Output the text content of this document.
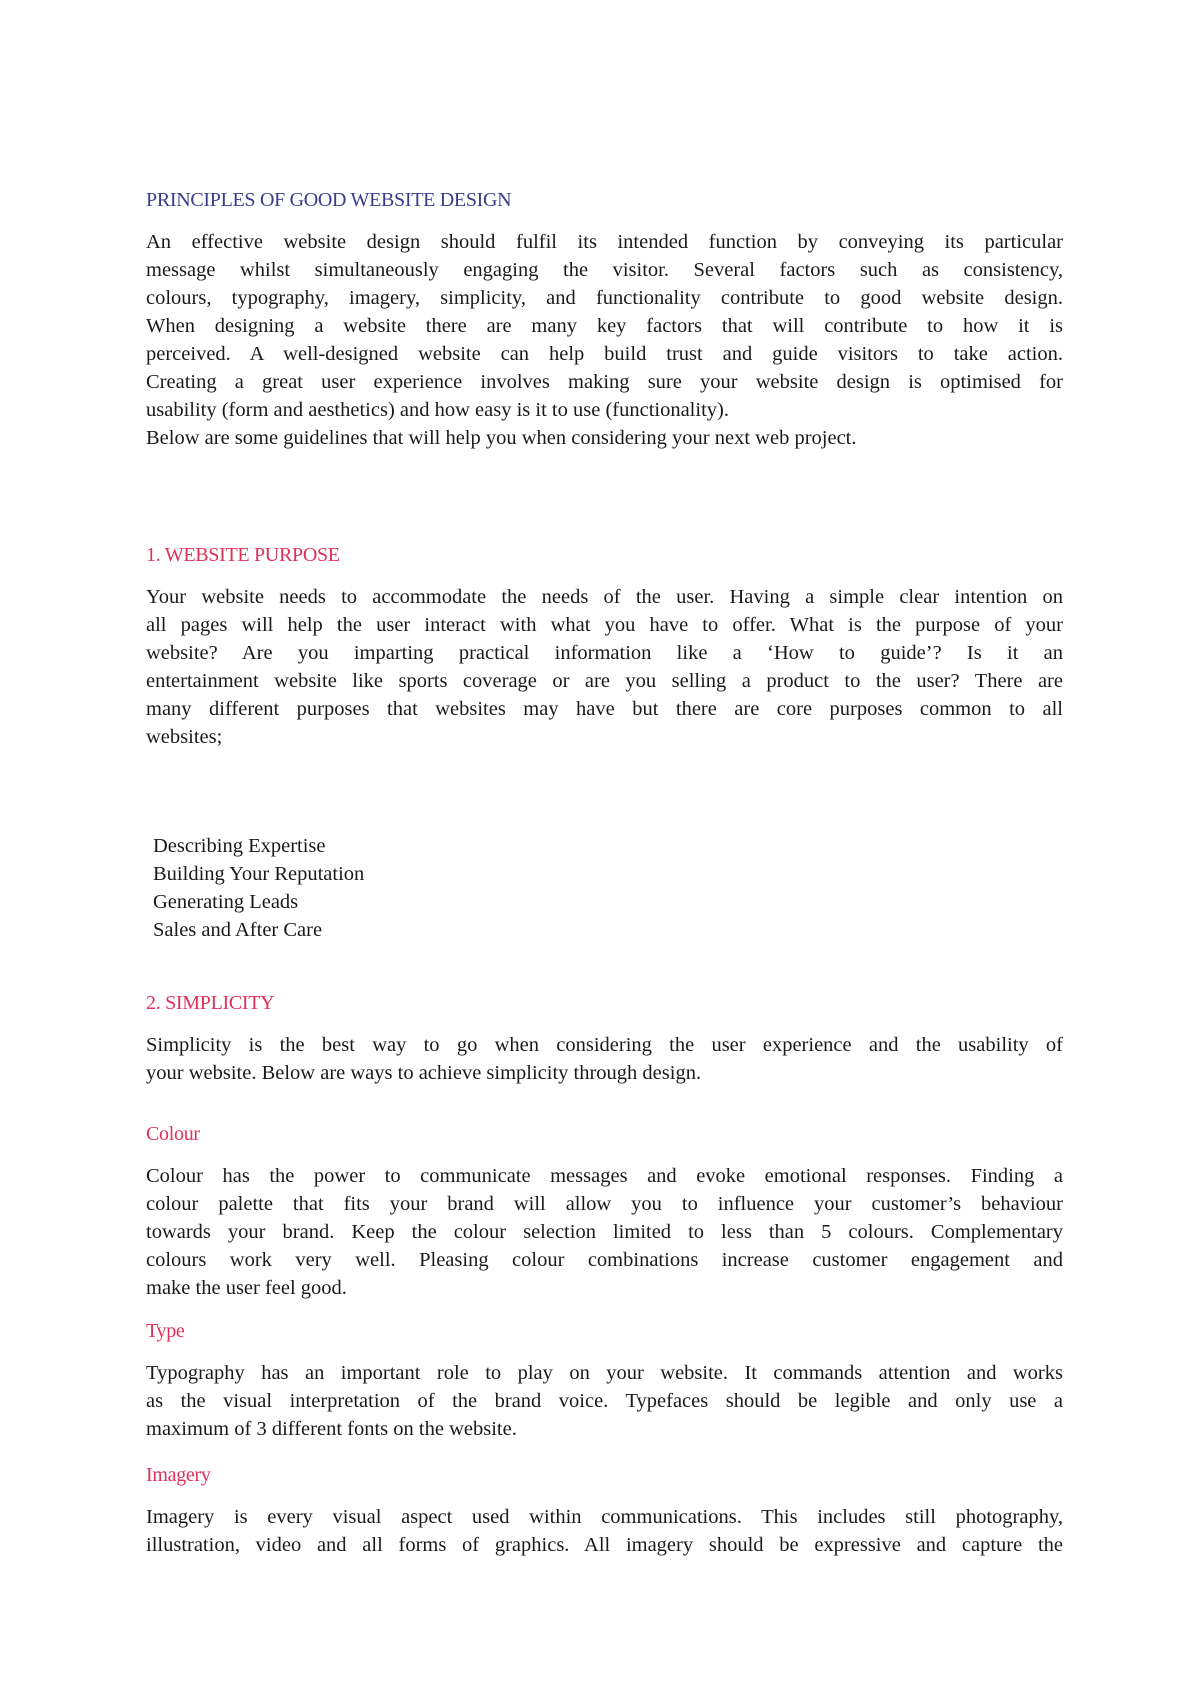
PRINCIPLES OF GOOD WEBSITE DESIGN

An effective website design should fulfil its intended function by conveying its particular
message whilst simultaneously engaging the visitor. Several factors such as consistency,
colours, typography, imagery, simplicity, and functionality contribute to good website design.
When designing a website there are many key factors that will contribute to how it is
perceived. A well-designed website can help build trust and guide visitors to take action.
Creating a great user experience involves making sure your website design is optimised for
usability (form and aesthetics) and how easy is it to use (functionality).
Below are some guidelines that will help you when considering your next web project.

1. WEBSITE PURPOSE

Your website needs to accommodate the needs of the user. Having a simple clear intention on
all pages will help the user interact with what you have to offer. What is the purpose of your
website? Are you imparting practical information like a ‘How to guide’? Is it an
entertainment website like sports coverage or are you selling a product to the user? There are
many different purposes that websites may have but there are core purposes common to all
websites;

Describing Expertise
Building Your Reputation
Generating Leads
Sales and After Care
2. SIMPLICITY

Simplicity is the best way to go when considering the user experience and the usability of
your website. Below are ways to achieve simplicity through design.

Colour

Colour has the power to communicate messages and evoke emotional responses. Finding a
colour palette that fits your brand will allow you to influence your customer’s behaviour
towards your brand. Keep the colour selection limited to less than 5 colours. Complementary
colours work very well. Pleasing colour combinations increase customer engagement and
make the user feel good.

Type

Typography has an important role to play on your website. It commands attention and works
as the visual interpretation of the brand voice. Typefaces should be legible and only use a
maximum of 3 different fonts on the website.

Imagery

Imagery is every visual aspect used within communications. This includes still photography,
illustration, video and all forms of graphics. All imagery should be expressive and capture the
